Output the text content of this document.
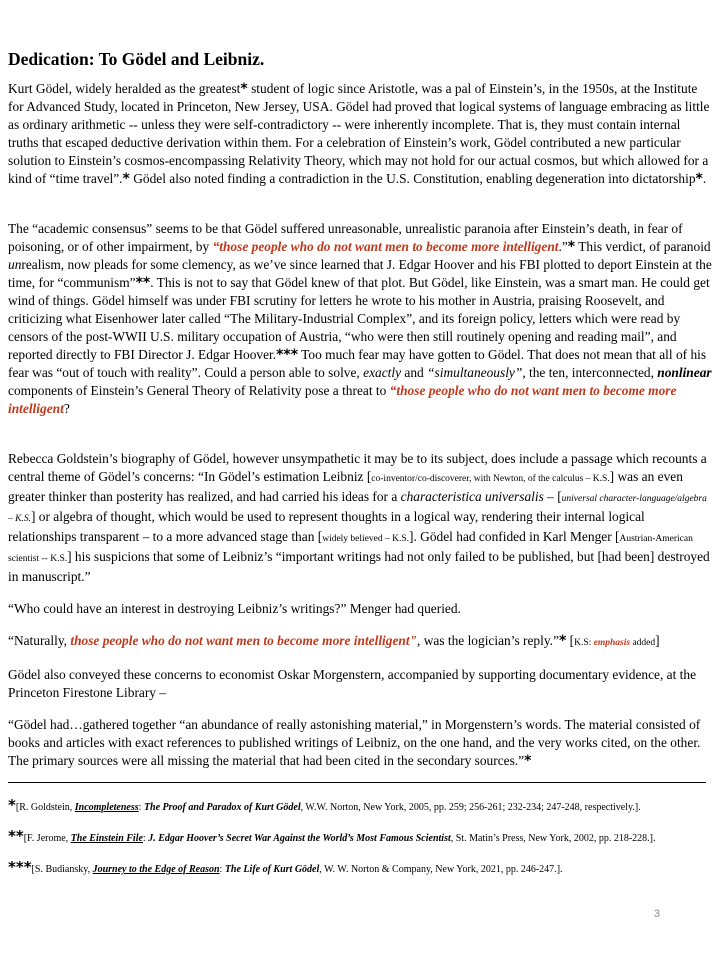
Dedication: To Gödel and Leibniz.

Kurt Gödel, widely heralded as the greatest* student of logic since Aristotle, was a pal of Einstein’s, in the 1950s, at the Institute for Advanced Study, located in Princeton, New Jersey, USA. Gödel had proved that logical systems of language embracing as little as ordinary arithmetic -- unless they were self-contradictory -- were inherently incomplete. That is, they must contain internal truths that escaped deductive derivation within them. For a celebration of Einstein’s work, Gödel contributed a new particular solution to Einstein’s cosmos-encompassing Relativity Theory, which may not hold for our actual cosmos, but which allowed for a kind of “time travel”.* Gödel also noted finding a contradiction in the U.S. Constitution, enabling degeneration into dictatorship*.

The “academic consensus” seems to be that Gödel suffered unreasonable, unrealistic paranoia after Einstein’s death, in fear of poisoning, or of other impairment, by “those people who do not want men to become more intelligent.”* This verdict, of paranoid unrealism, now pleads for some clemency, as we’ve since learned that J. Edgar Hoover and his FBI plotted to deport Einstein at the time, for “communism”**. This is not to say that Gödel knew of that plot. But Gödel, like Einstein, was a smart man. He could get wind of things. Gödel himself was under FBI scrutiny for letters he wrote to his mother in Austria, praising Roosevelt, and criticizing what Eisenhower later called “The Military-Industrial Complex”, and its foreign policy, letters which were read by censors of the post-WWII U.S. military occupation of Austria, “who were then still routinely opening and reading mail”, and reported directly to FBI Director J. Edgar Hoover.*** Too much fear may have gotten to Gödel. That does not mean that all of his fear was “out of touch with reality”. Could a person able to solve, exactly and “simultaneously”, the ten, interconnected, nonlinear components of Einstein’s General Theory of Relativity pose a threat to “those people who do not want men to become more intelligent?

Rebecca Goldstein’s biography of Gödel, however unsympathetic it may be to its subject, does include a passage which recounts a central theme of Gödel’s concerns: “In Gödel’s estimation Leibniz [co-inventor/co-discoverer, with Newton, of the calculus – K.S.] was an even greater thinker than posterity has realized, and had carried his ideas for a characteristica universalis – [universal character-language/algebra – K.S.] or algebra of thought, which would be used to represent thoughts in a logical way, rendering their internal logical relationships transparent – to a more advanced stage than [widely believed – K.S.]. Gödel had confided in Karl Menger [Austrian-American scientist -- K.S.] his suspicions that some of Leibniz’s “important writings had not only failed to be published, but [had been] destroyed in manuscript.”

“Who could have an interest in destroying Leibniz’s writings?” Menger had queried.

“Naturally, those people who do not want men to become more intelligent", was the logician’s reply.”* [K.S: emphasis added]

Gödel also conveyed these concerns to economist Oskar Morgenstern, accompanied by supporting documentary evidence, at the Princeton Firestone Library –

“Gödel had…gathered together “an abundance of really astonishing material,” in Morgenstern’s words. The material consisted of books and articles with exact references to published writings of Leibniz, on the one hand, and the very works cited, on the other. The primary sources were all missing the material that had been cited in the secondary sources.”*

*[R. Goldstein, Incompleteness: The Proof and Paradox of Kurt Gödel, W.W. Norton, New York, 2005, pp. 259; 256-261; 232-234; 247-248, respectively.].
**[F. Jerome, The Einstein File: J. Edgar Hoover’s Secret War Against the World’s Most Famous Scientist, St. Matin’s Press, New York, 2002, pp. 218-228.].
***[S. Budiansky, Journey to the Edge of Reason: The Life of Kurt Gödel, W. W. Norton & Company, New York, 2021, pp. 246-247.].
3
